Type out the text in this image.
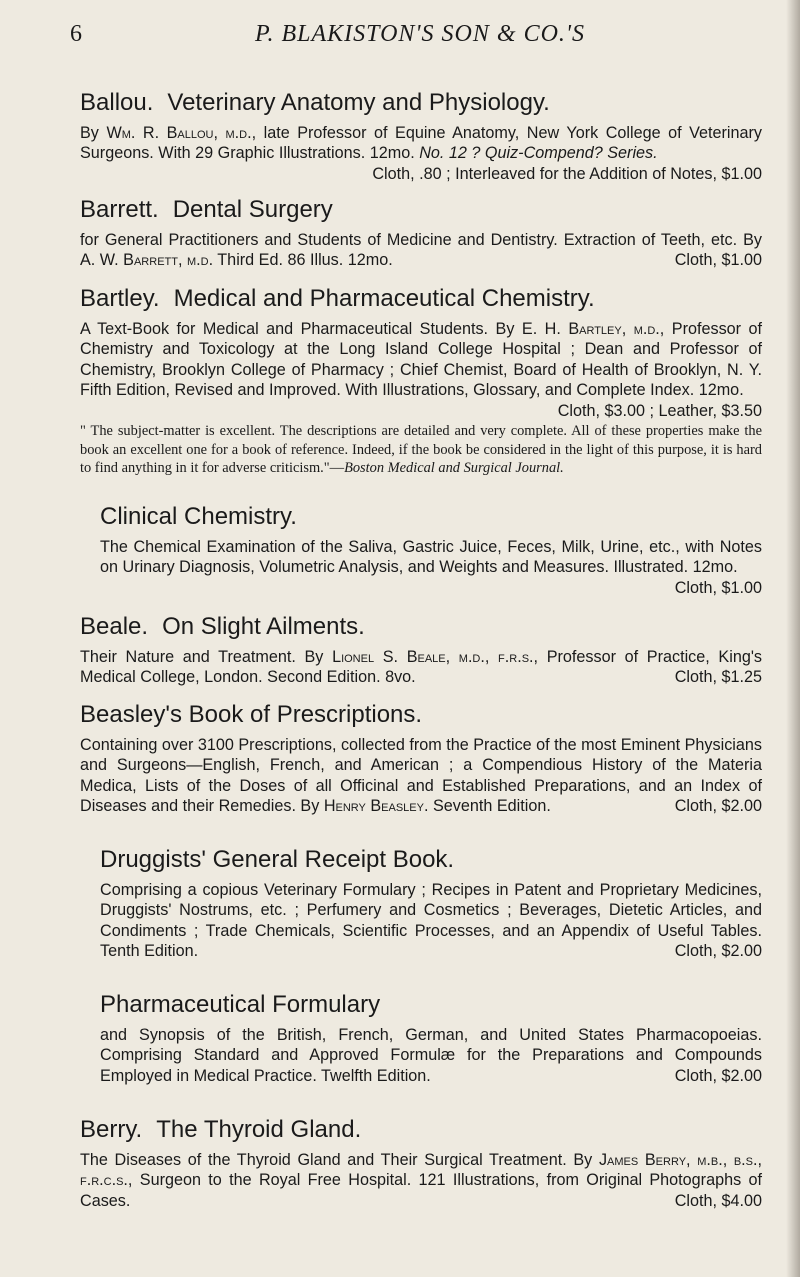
6	P. BLAKISTON'S SON & CO.'S
Ballou. Veterinary Anatomy and Physiology.
By Wm. R. Ballou, m.d., late Professor of Equine Anatomy, New York College of Veterinary Surgeons. With 29 Graphic Illustrations. 12mo. No. 12 ? Quiz-Compend? Series.
Cloth, .80 ; Interleaved for the Addition of Notes, $1.00
Barrett. Dental Surgery
for General Practitioners and Students of Medicine and Dentistry. Extraction of Teeth, etc. By A. W. Barrett, m.d. Third Ed. 86 Illus. 12mo.	Cloth, $1.00
Bartley. Medical and Pharmaceutical Chemistry.
A Text-Book for Medical and Pharmaceutical Students. By E. H. Bartley, m.d., Professor of Chemistry and Toxicology at the Long Island College Hospital ; Dean and Professor of Chemistry, Brooklyn College of Pharmacy ; Chief Chemist, Board of Health of Brooklyn, N. Y. Fifth Edition, Revised and Improved. With Illustrations, Glossary, and Complete Index. 12mo.
Cloth, $3.00 ; Leather, $3.50
" The subject-matter is excellent. The descriptions are detailed and very complete. All of these properties make the book an excellent one for a book of reference. Indeed, if the book be considered in the light of this purpose, it is hard to find anything in it for adverse criticism."—Boston Medical and Surgical Journal.
Clinical Chemistry.
The Chemical Examination of the Saliva, Gastric Juice, Feces, Milk, Urine, etc., with Notes on Urinary Diagnosis, Volumetric Analysis, and Weights and Measures. Illustrated. 12mo.
Cloth, $1.00
Beale. On Slight Ailments.
Their Nature and Treatment. By Lionel S. Beale, m.d., f.r.s., Professor of Practice, King's Medical College, London. Second Edition. 8vo.	Cloth, $1.25
Beasley's Book of Prescriptions.
Containing over 3100 Prescriptions, collected from the Practice of the most Eminent Physicians and Surgeons—English, French, and American ; a Compendious History of the Materia Medica, Lists of the Doses of all Officinal and Established Preparations, and an Index of Diseases and their Remedies. By Henry Beasley. Seventh Edition.	Cloth, $2.00
Druggists' General Receipt Book.
Comprising a copious Veterinary Formulary ; Recipes in Patent and Proprietary Medicines, Druggists' Nostrums, etc. ; Perfumery and Cosmetics ; Beverages, Dietetic Articles, and Condiments ; Trade Chemicals, Scientific Processes, and an Appendix of Useful Tables. Tenth Edition.	Cloth, $2.00
Pharmaceutical Formulary
and Synopsis of the British, French, German, and United States Pharmacopoeias. Comprising Standard and Approved Formulæ for the Preparations and Compounds Employed in Medical Practice. Twelfth Edition.	Cloth, $2.00
Berry. The Thyroid Gland.
The Diseases of the Thyroid Gland and Their Surgical Treatment. By James Berry, m.b., b.s., f.r.c.s., Surgeon to the Royal Free Hospital. 121 Illustrations, from Original Photographs of Cases.	Cloth, $4.00
